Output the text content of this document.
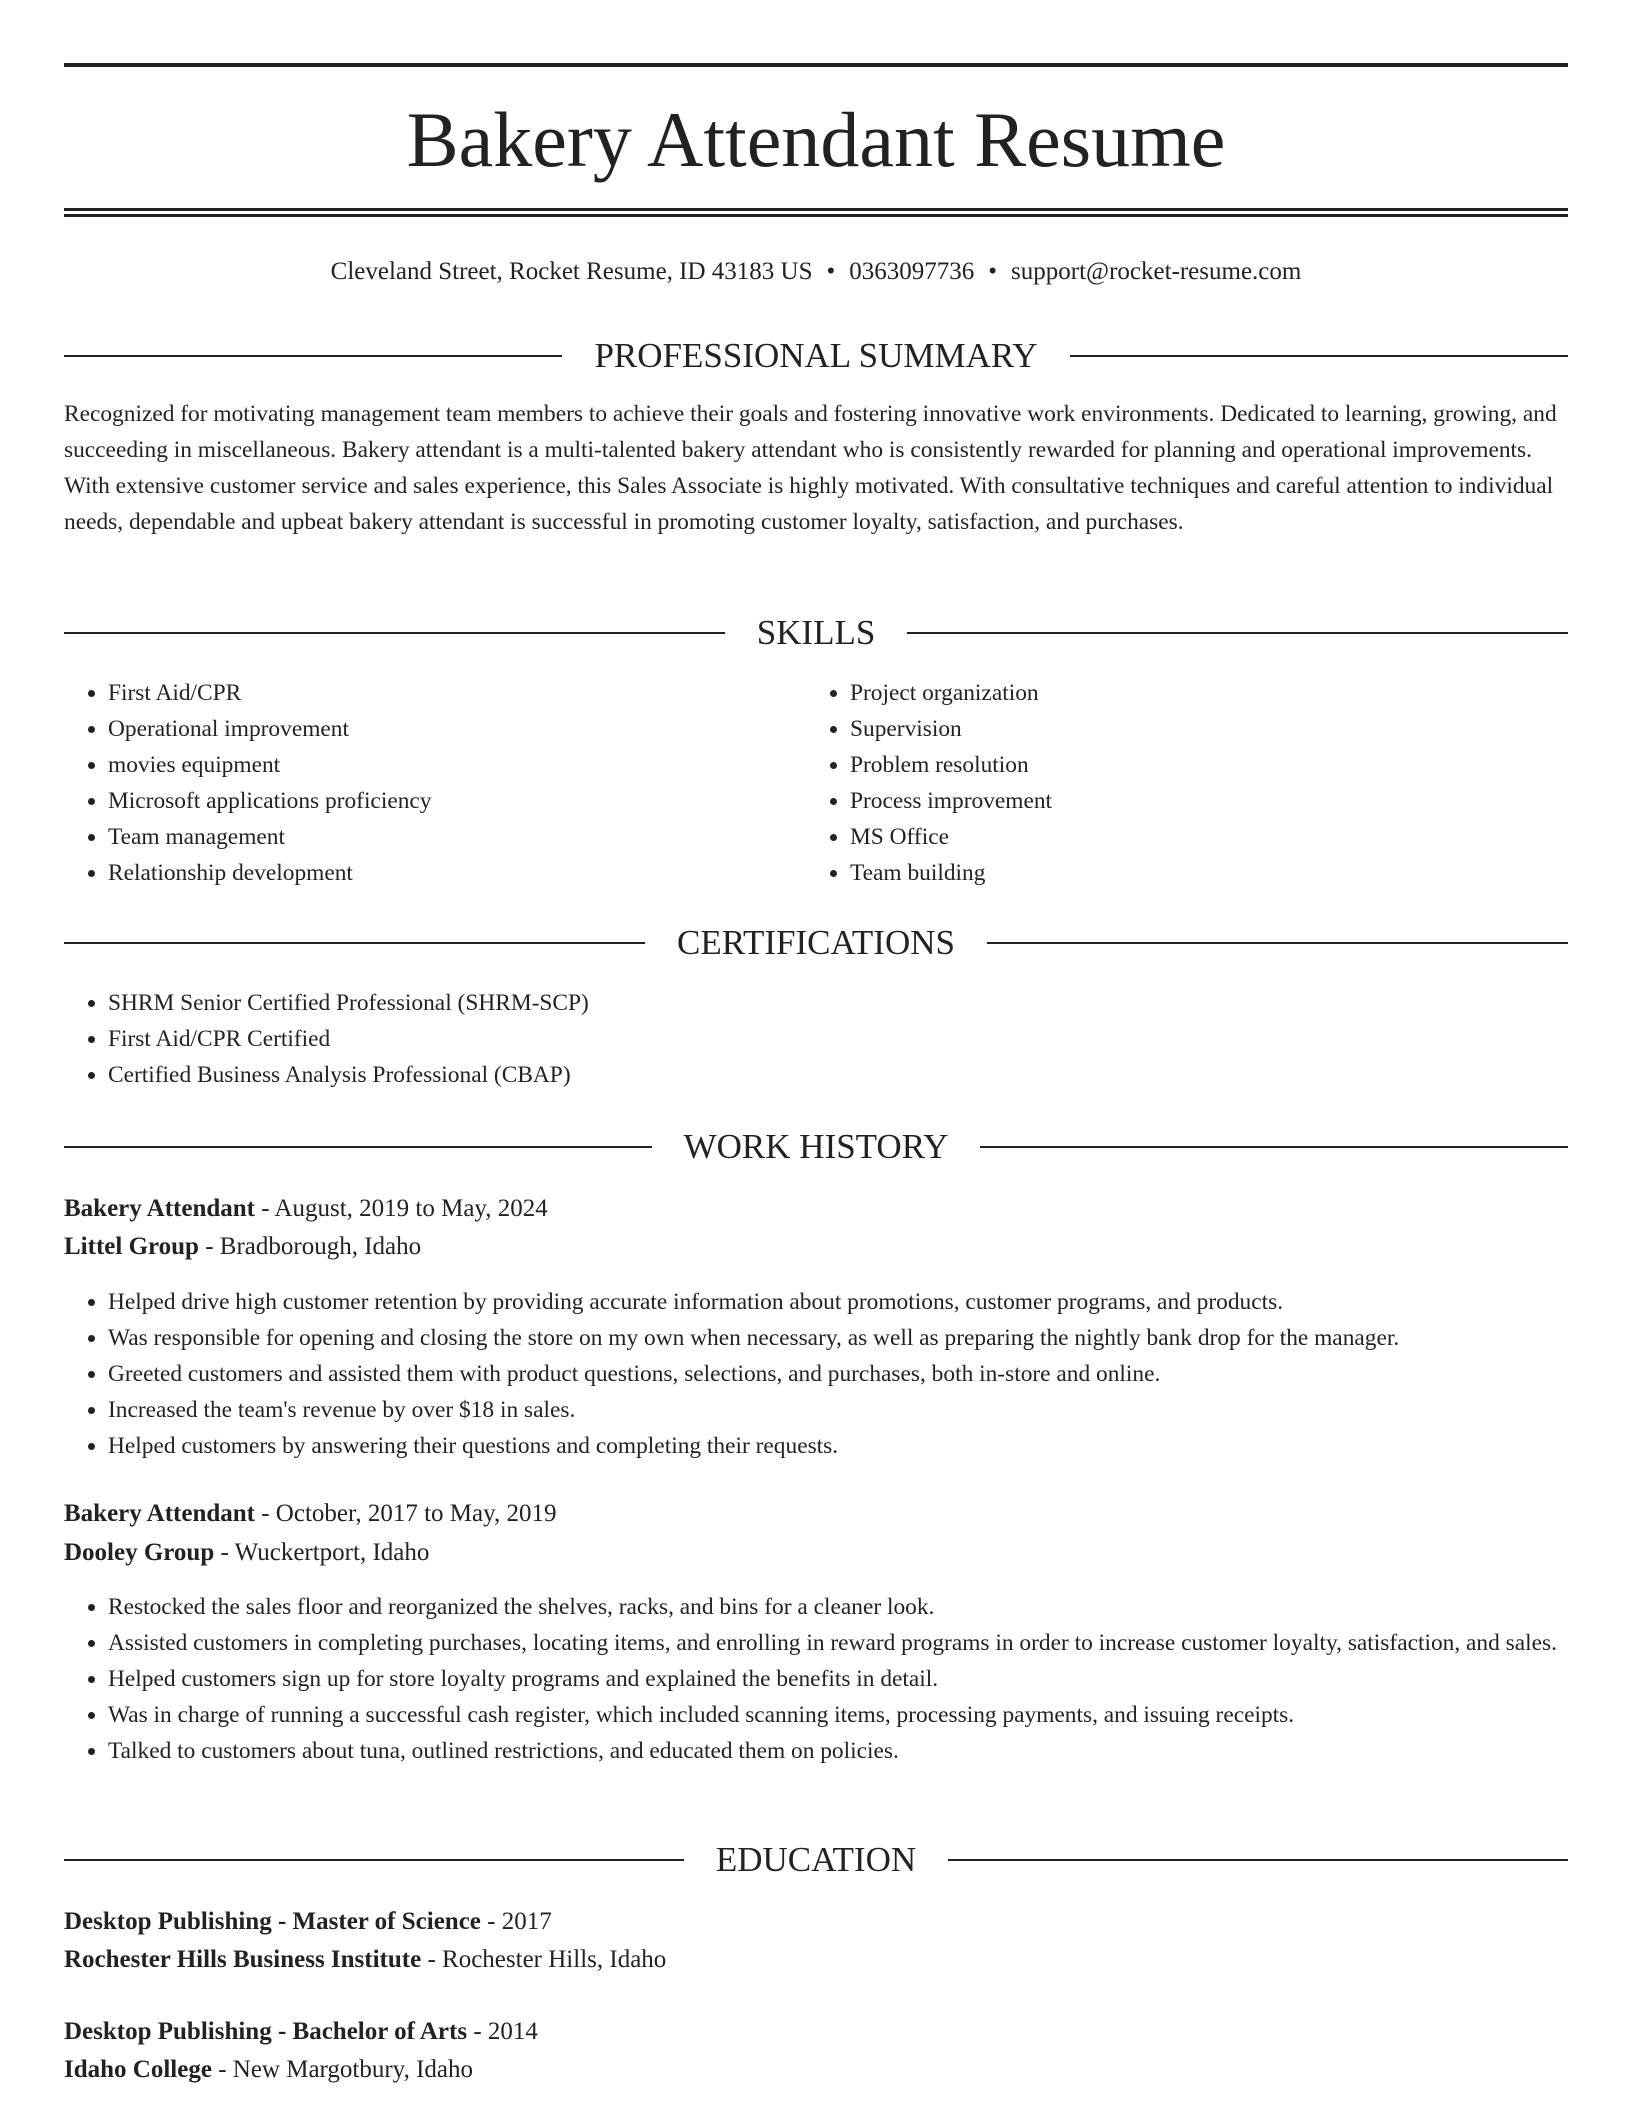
Bakery Attendant Resume
Cleveland Street, Rocket Resume, ID 43183 US • 0363097736 • support@rocket-resume.com
PROFESSIONAL SUMMARY

Recognized for motivating management team members to achieve their goals and fostering innovative work environments. Dedicated to learning, growing, and succeeding in miscellaneous. Bakery attendant is a multi-talented bakery attendant who is consistently rewarded for planning and operational improvements. With extensive customer service and sales experience, this Sales Associate is highly motivated. With consultative techniques and careful attention to individual needs, dependable and upbeat bakery attendant is successful in promoting customer loyalty, satisfaction, and purchases.

SKILLS
• First Aid/CPR
• Operational improvement
• movies equipment
• Microsoft applications proficiency
• Team management
• Relationship development
• Project organization
• Supervision
• Problem resolution
• Process improvement
• MS Office
• Team building
CERTIFICATIONS
• SHRM Senior Certified Professional (SHRM-SCP)
• First Aid/CPR Certified
• Certified Business Analysis Professional (CBAP)
WORK HISTORY
Bakery Attendant - August, 2019 to May, 2024
Littel Group - Bradborough, Idaho
• Helped drive high customer retention by providing accurate information about promotions, customer programs, and products.
• Was responsible for opening and closing the store on my own when necessary, as well as preparing the nightly bank drop for the manager.
• Greeted customers and assisted them with product questions, selections, and purchases, both in-store and online.
• Increased the team's revenue by over $18 in sales.
• Helped customers by answering their questions and completing their requests.
Bakery Attendant - October, 2017 to May, 2019
Dooley Group - Wuckertport, Idaho
• Restocked the sales floor and reorganized the shelves, racks, and bins for a cleaner look.
• Assisted customers in completing purchases, locating items, and enrolling in reward programs in order to increase customer loyalty, satisfaction, and sales.
• Helped customers sign up for store loyalty programs and explained the benefits in detail.
• Was in charge of running a successful cash register, which included scanning items, processing payments, and issuing receipts.
• Talked to customers about tuna, outlined restrictions, and educated them on policies.
EDUCATION
Desktop Publishing - Master of Science - 2017
Rochester Hills Business Institute - Rochester Hills, Idaho
Desktop Publishing - Bachelor of Arts - 2014
Idaho College - New Margotbury, Idaho
